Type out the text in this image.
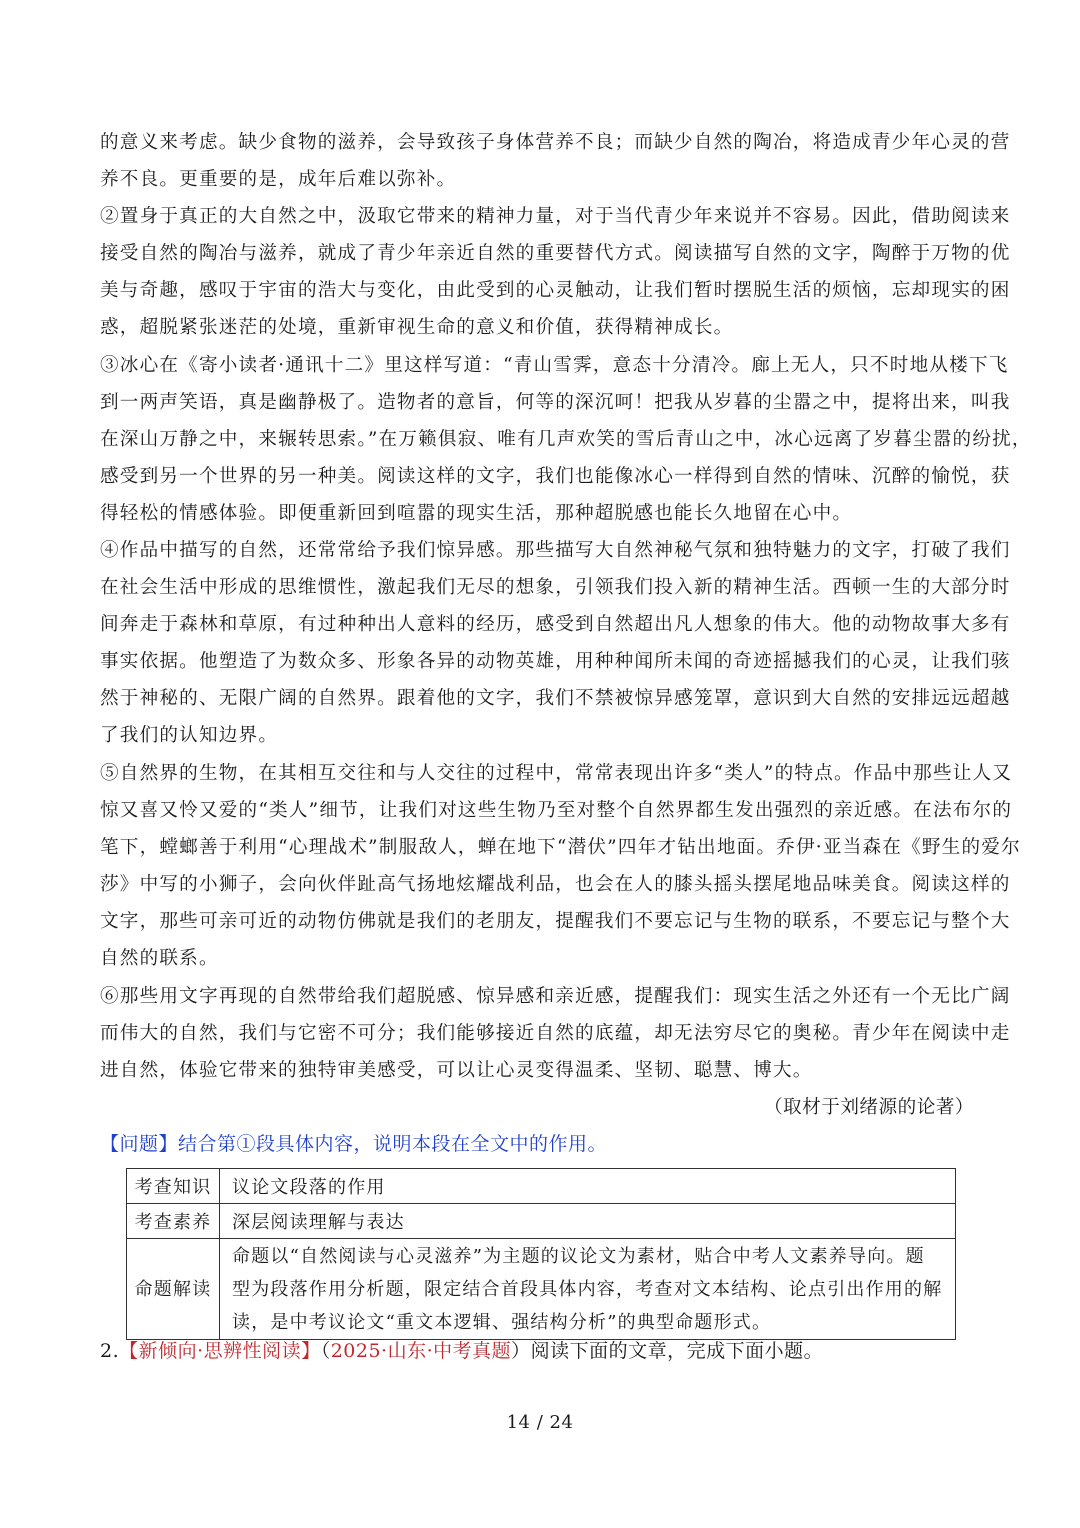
的意义来考虑。缺少食物的滋养，会导致孩子身体营养不良；而缺少自然的陶冶，将造成青少年心灵的营
养不良。更重要的是，成年后难以弥补。
②置身于真正的大自然之中，汲取它带来的精神力量，对于当代青少年来说并不容易。因此，借助阅读来
接受自然的陶冶与滋养，就成了青少年亲近自然的重要替代方式。阅读描写自然的文字，陶醉于万物的优
美与奇趣，感叹于宇宙的浩大与变化，由此受到的心灵触动，让我们暂时摆脱生活的烦恼，忘却现实的困
惑，超脱紧张迷茫的处境，重新审视生命的意义和价值，获得精神成长。
③冰心在《寄小读者·通讯十二》里这样写道：“青山雪霁，意态十分清冷。廊上无人，只不时地从楼下飞
到一两声笑语，真是幽静极了。造物者的意旨，何等的深沉呵！把我从岁暮的尘嚣之中，提将出来，叫我
在深山万静之中，来辗转思索。”在万籁俱寂、唯有几声欢笑的雪后青山之中，冰心远离了岁暮尘嚣的纷扰，
感受到另一个世界的另一种美。阅读这样的文字，我们也能像冰心一样得到自然的情味、沉醉的愉悦，获
得轻松的情感体验。即便重新回到喧嚣的现实生活，那种超脱感也能长久地留在心中。
④作品中描写的自然，还常常给予我们惊异感。那些描写大自然神秘气氛和独特魅力的文字，打破了我们
在社会生活中形成的思维惯性，激起我们无尽的想象，引领我们投入新的精神生活。西顿一生的大部分时
间奔走于森林和草原，有过种种出人意料的经历，感受到自然超出凡人想象的伟大。他的动物故事大多有
事实依据。他塑造了为数众多、形象各异的动物英雄，用种种闻所未闻的奇迹摇撼我们的心灵，让我们骇
然于神秘的、无限广阔的自然界。跟着他的文字，我们不禁被惊异感笼罩，意识到大自然的安排远远超越
了我们的认知边界。
⑤自然界的生物，在其相互交往和与人交往的过程中，常常表现出许多“类人”的特点。作品中那些让人又
惊又喜又怜又爱的“类人”细节，让我们对这些生物乃至对整个自然界都生发出强烈的亲近感。在法布尔的
笔下，螳螂善于利用“心理战术”制服敌人，蝉在地下“潜伏”四年才钻出地面。乔伊·亚当森在《野生的爱尔
莎》中写的小狮子，会向伙伴趾高气扬地炫耀战利品，也会在人的膝头摇头摆尾地品味美食。阅读这样的
文字，那些可亲可近的动物仿佛就是我们的老朋友，提醒我们不要忘记与生物的联系，不要忘记与整个大
自然的联系。
⑥那些用文字再现的自然带给我们超脱感、惊异感和亲近感，提醒我们：现实生活之外还有一个无比广阔
而伟大的自然，我们与它密不可分；我们能够接近自然的底蕴，却无法穷尽它的奥秘。青少年在阅读中走
进自然，体验它带来的独特审美感受，可以让心灵变得温柔、坚韧、聪慧、博大。
（取材于刘绪源的论著）
【问题】结合第①段具体内容，说明本段在全文中的作用。
考查知识	议论文段落的作用
考查素养	深层阅读理解与表达
命题解读	命题以“自然阅读与心灵滋养”为主题的议论文为素材，贴合中考人文素养导向。题型为段落作用分析题，限定结合首段具体内容，考查对文本结构、论点引出作用的解读，是中考议论文“重文本逻辑、强结构分析”的典型命题形式。
2.【新倾向·思辨性阅读】（2025·山东·中考真题）阅读下面的文章，完成下面小题。
14 / 24
